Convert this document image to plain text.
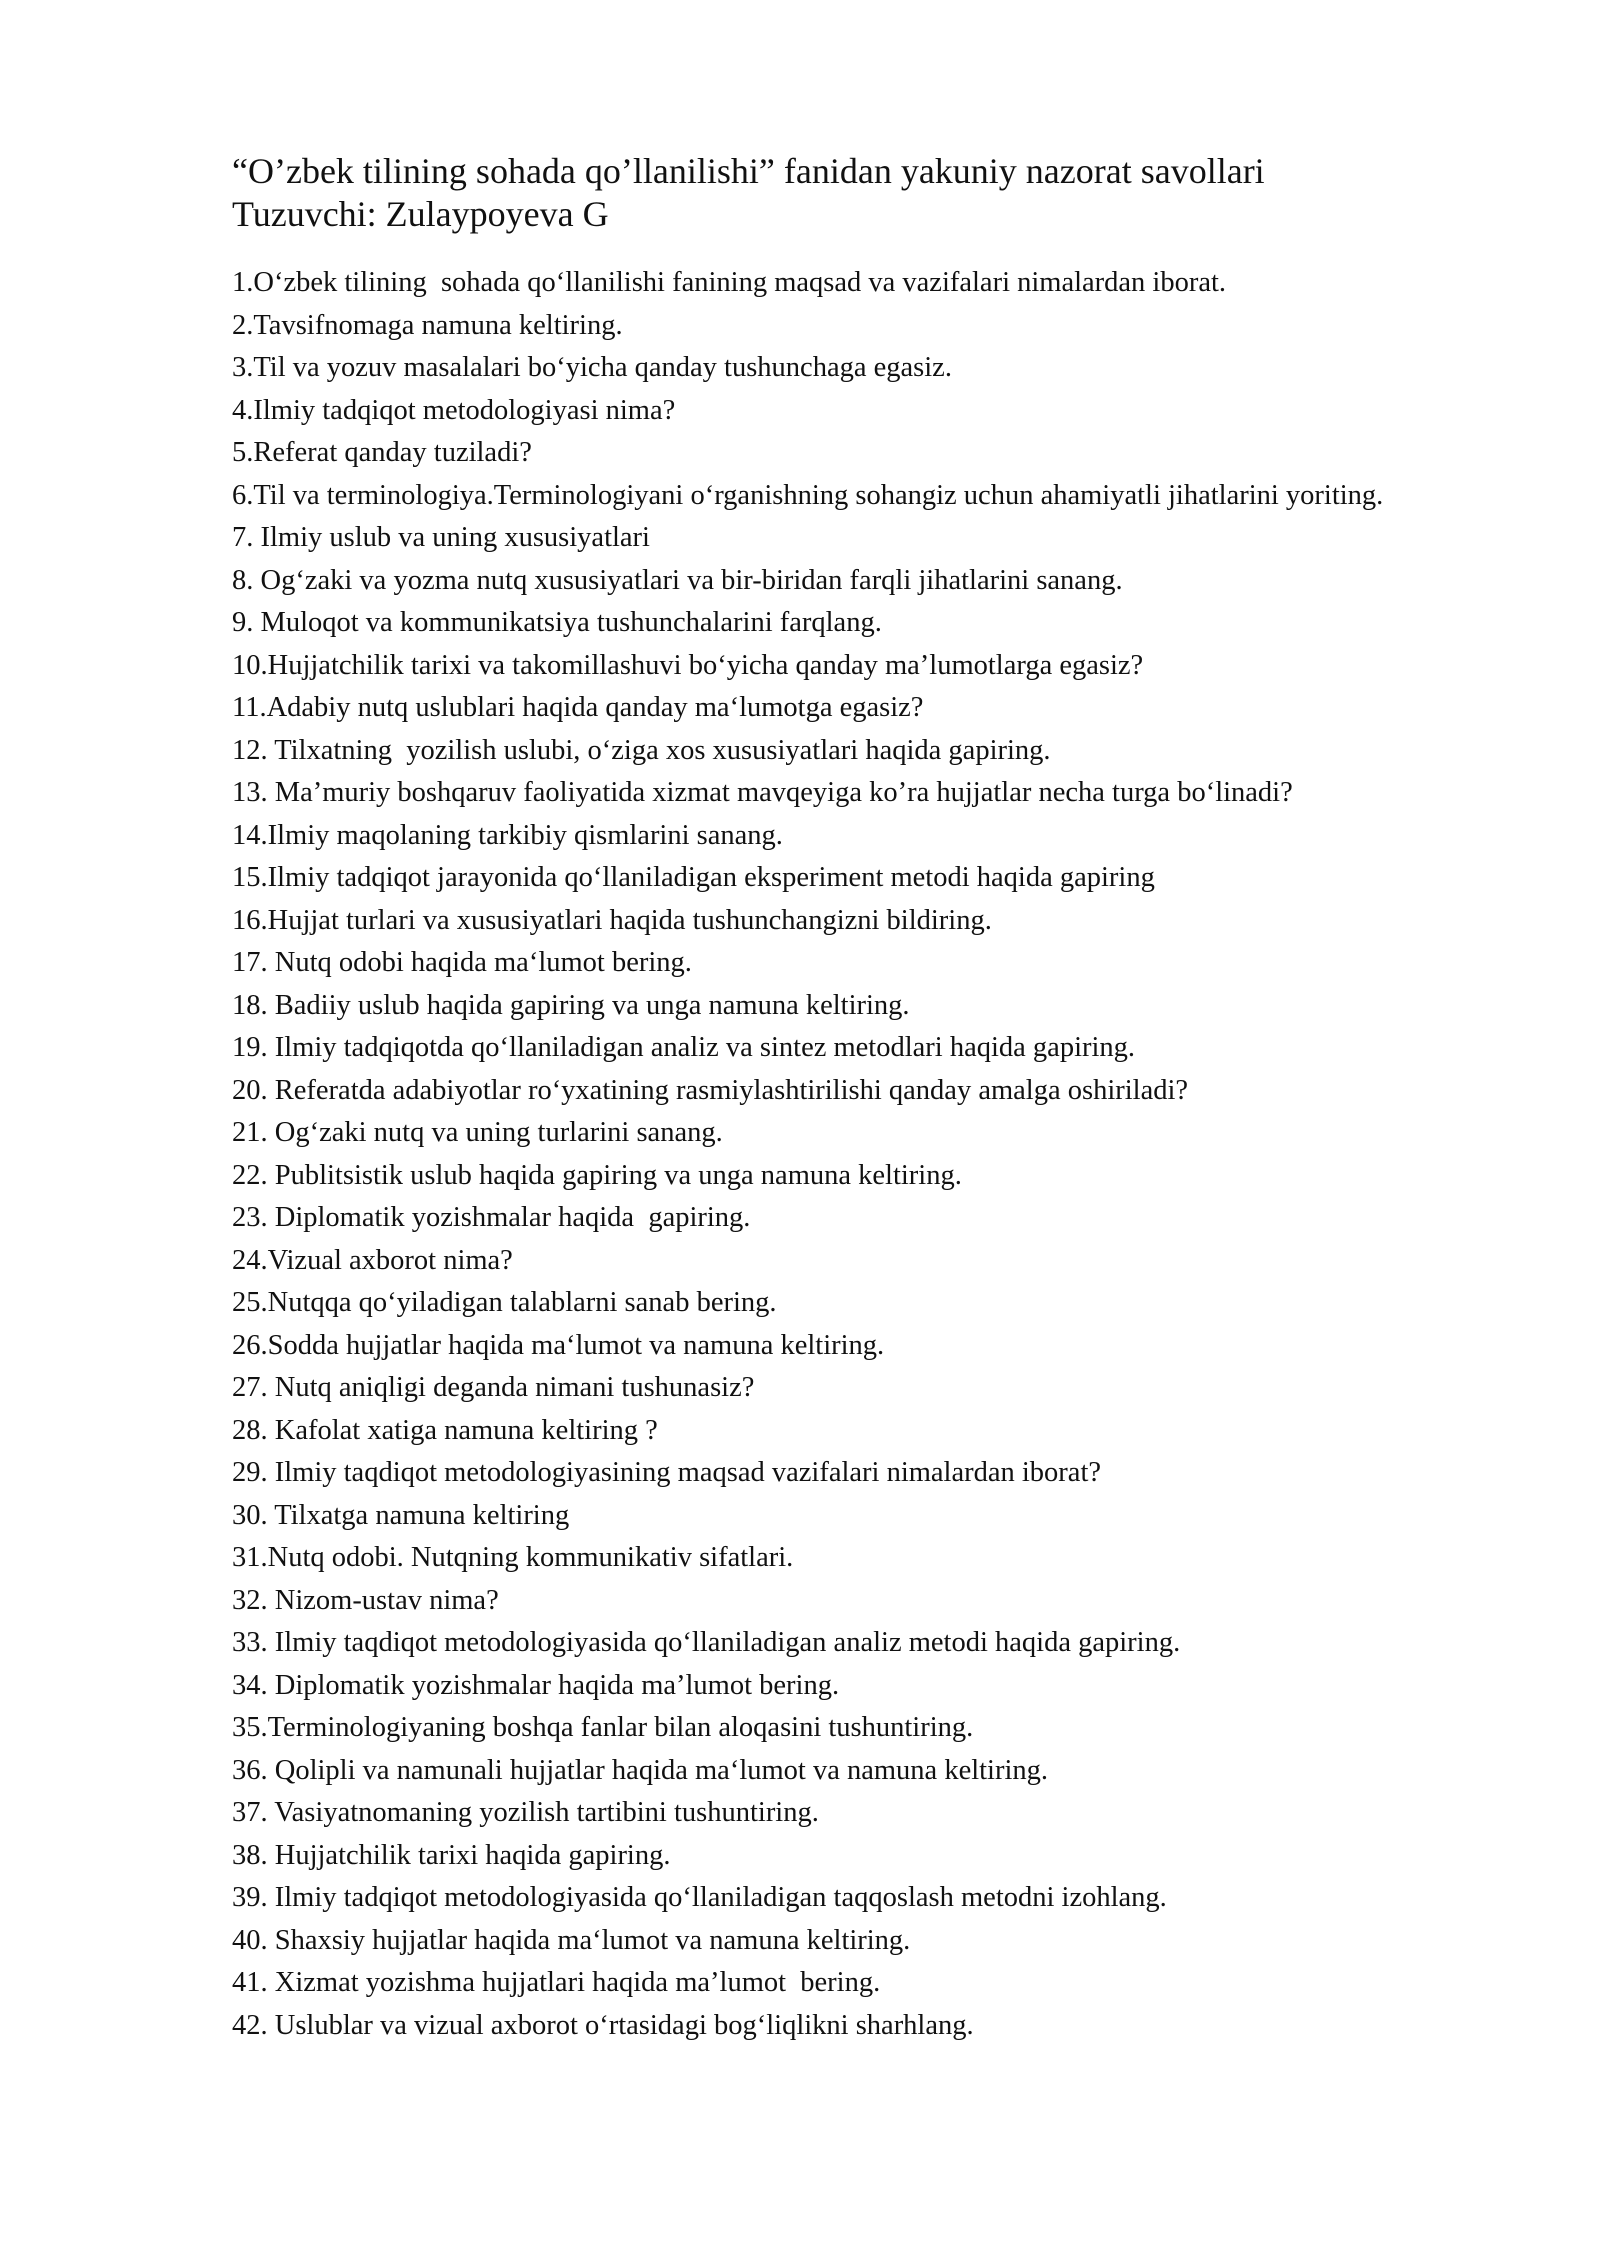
“O’zbek tilining sohada qo’llanilishi” fanidan yakuniy nazorat savollari
Tuzuvchi: Zulaypoyeva G
1.O‘zbek tilining  sohada qo‘llanilishi fanining maqsad va vazifalari nimalardan iborat.
2.Tavsifnomaga namuna keltiring.
3.Til va yozuv masalalari bo‘yicha qanday tushunchaga egasiz.
4.Ilmiy tadqiqot metodologiyasi nima?
5.Referat qanday tuziladi?
6.Til va terminologiya.Terminologiyani o‘rganishning sohangiz uchun ahamiyatli jihatlarini yoriting.
7. Ilmiy uslub va uning xususiyatlari
8. Og‘zaki va yozma nutq xususiyatlari va bir-biridan farqli jihatlarini sanang.
9. Muloqot va kommunikatsiya tushunchalarini farqlang.
10.Hujjatchilik tarixi va takomillashuvi bo‘yicha qanday ma’lumotlarga egasiz?
11.Adabiy nutq uslublari haqida qanday ma‘lumotga egasiz?
12. Tilxatning  yozilish uslubi, o‘ziga xos xususiyatlari haqida gapiring.
13. Ma’muriy boshqaruv faoliyatida xizmat mavqeyiga ko’ra hujjatlar necha turga bo‘linadi?
14.Ilmiy maqolaning tarkibiy qismlarini sanang.
15.Ilmiy tadqiqot jarayonida qo‘llaniladigan eksperiment metodi haqida gapiring
16.Hujjat turlari va xususiyatlari haqida tushunchangizni bildiring.
17. Nutq odobi haqida ma‘lumot bering.
18. Badiiy uslub haqida gapiring va unga namuna keltiring.
19. Ilmiy tadqiqotda qo‘llaniladigan analiz va sintez metodlari haqida gapiring.
20. Referatda adabiyotlar ro‘yxatining rasmiylashtirilishi qanday amalga oshiriladi?
21. Og‘zaki nutq va uning turlarini sanang.
22. Publitsistik uslub haqida gapiring va unga namuna keltiring.
23. Diplomatik yozishmalar haqida  gapiring.
24.Vizual axborot nima?
25.Nutqqa qo‘yiladigan talablarni sanab bering.
26.Sodda hujjatlar haqida ma‘lumot va namuna keltiring.
27. Nutq aniqligi deganda nimani tushunasiz?
28. Kafolat xatiga namuna keltiring ?
29. Ilmiy taqdiqot metodologiyasining maqsad vazifalari nimalardan iborat?
30. Tilxatga namuna keltiring
31.Nutq odobi. Nutqning kommunikativ sifatlari.
32. Nizom-ustav nima?
33. Ilmiy taqdiqot metodologiyasida qo‘llaniladigan analiz metodi haqida gapiring.
34. Diplomatik yozishmalar haqida ma’lumot bering.
35.Terminologiyaning boshqa fanlar bilan aloqasini tushuntiring.
36. Qolipli va namunali hujjatlar haqida ma‘lumot va namuna keltiring.
37. Vasiyatnomaning yozilish tartibini tushuntiring.
38. Hujjatchilik tarixi haqida gapiring.
39. Ilmiy tadqiqot metodologiyasida qo‘llaniladigan taqqoslash metodni izohlang.
40. Shaxsiy hujjatlar haqida ma‘lumot va namuna keltiring.
41. Xizmat yozishma hujjatlari haqida ma’lumot  bering.
42. Uslublar va vizual axborot o‘rtasidagi bog‘liqlikni sharhlang.
